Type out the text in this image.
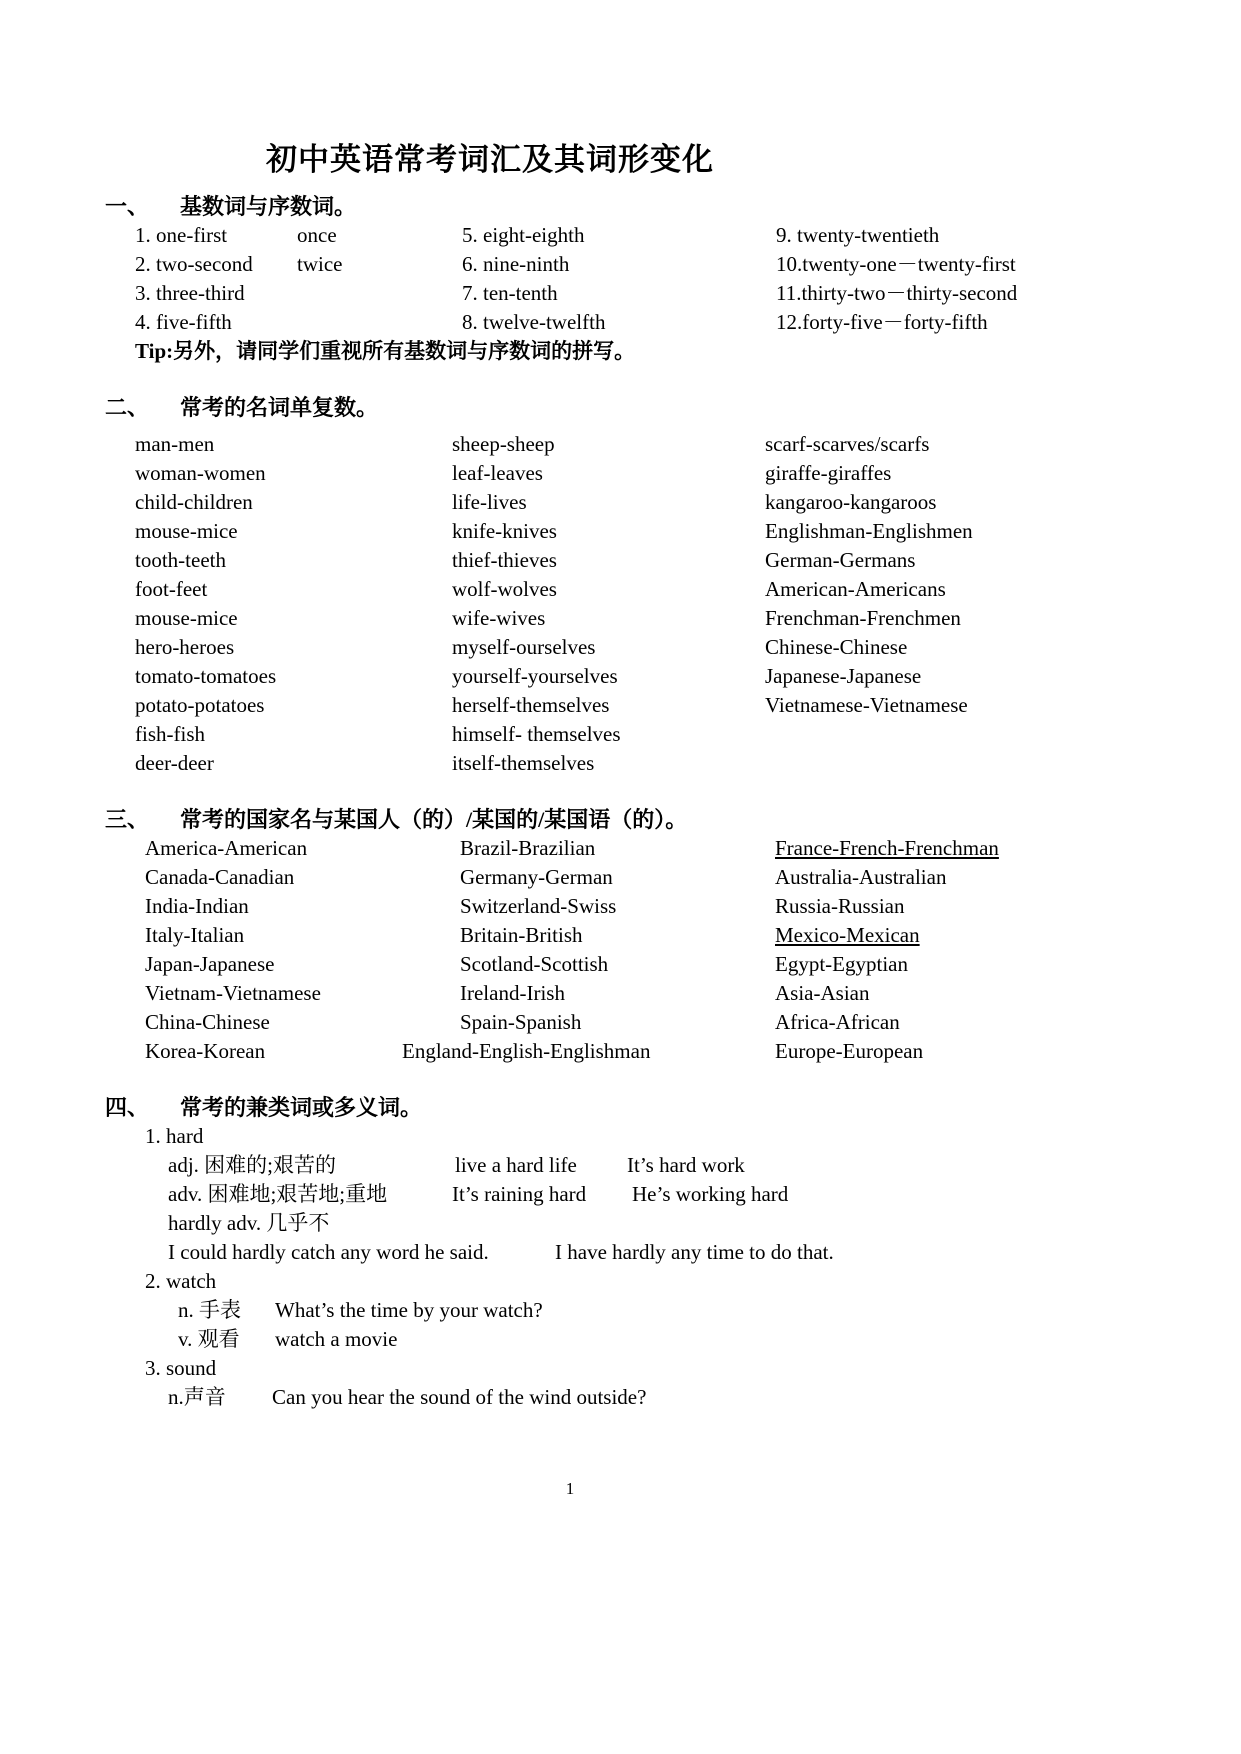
初中英语常考词汇及其词形变化
一、 基数词与序数词。
1. one-first	once	5. eight-eighth	9. twenty-twentieth
2. two-second	twice	6. nine-ninth	10.twenty-one－twenty-first
3. three-third	7. ten-tenth	11.thirty-two－thirty-second
4. five-fifth	8. twelve-twelfth	12.forty-five－forty-fifth
Tip:另外，请同学们重视所有基数词与序数词的拼写。
二、 常考的名词单复数。
man-men	sheep-sheep	scarf-scarves/scarfs
woman-women	leaf-leaves	giraffe-giraffes
child-children	life-lives	kangaroo-kangaroos
mouse-mice	knife-knives	Englishman-Englishmen
tooth-teeth	thief-thieves	German-Germans
foot-feet	wolf-wolves	American-Americans
mouse-mice	wife-wives	Frenchman-Frenchmen
hero-heroes	myself-ourselves	Chinese-Chinese
tomato-tomatoes	yourself-yourselves	Japanese-Japanese
potato-potatoes	herself-themselves	Vietnamese-Vietnamese
fish-fish	himself- themselves
deer-deer	itself-themselves
三、 常考的国家名与某国人（的）/某国的/某国语（的）。
America-American	Brazil-Brazilian	France-French-Frenchman
Canada-Canadian	Germany-German	Australia-Australian
India-Indian	Switzerland-Swiss	Russia-Russian
Italy-Italian	Britain-British	Mexico-Mexican
Japan-Japanese	Scotland-Scottish	Egypt-Egyptian
Vietnam-Vietnamese	Ireland-Irish	Asia-Asian
China-Chinese	Spain-Spanish	Africa-African
Korea-Korean	England-English-Englishman	Europe-European
四、 常考的兼类词或多义词。
1. hard
adj. 困难的;艰苦的	live a hard life	It’s hard work
adv. 困难地;艰苦地;重地	It’s raining hard	He’s working hard
hardly adv. 几乎不
I could hardly catch any word he said.	I have hardly any time to do that.
2. watch
n. 手表	What’s the time by your watch?
v. 观看	watch a movie
3. sound
n.声音	Can you hear the sound of the wind outside?
1
